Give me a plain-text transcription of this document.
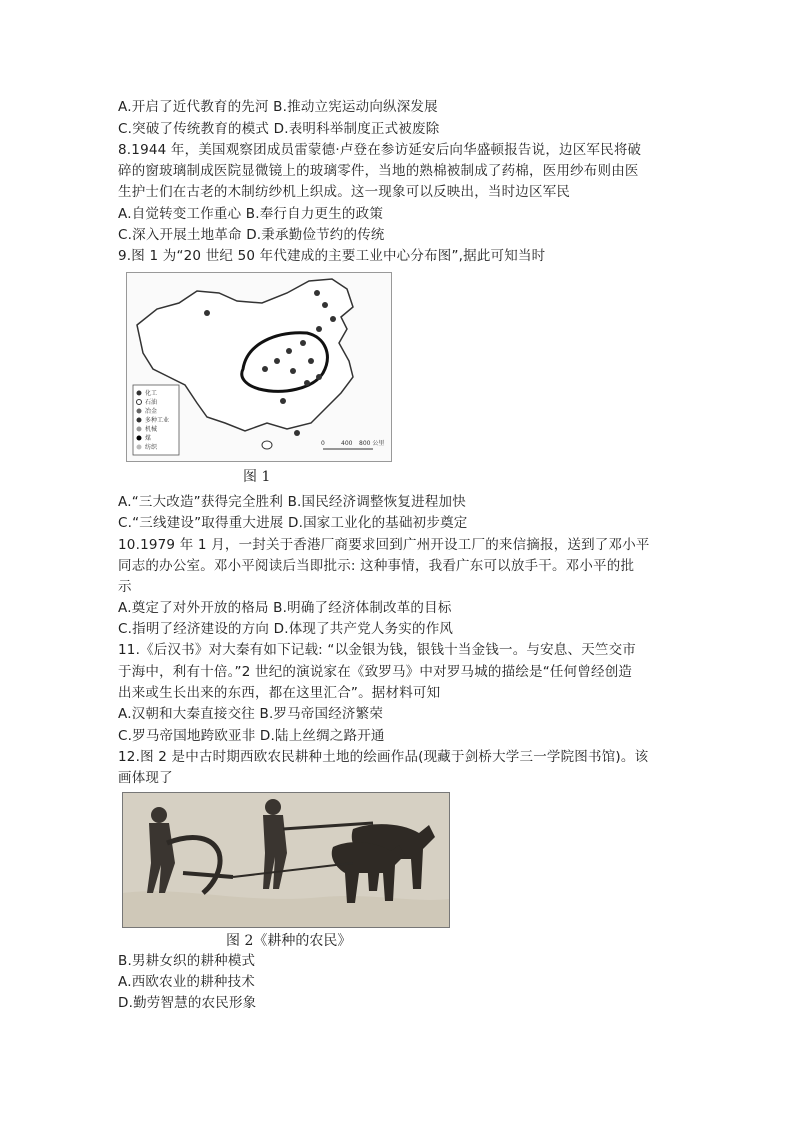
A.开启了近代教育的先河 B.推动立宪运动向纵深发展
C.突破了传统教育的模式 D.表明科举制度正式被废除
8.1944 年，美国观察团成员雷蒙德·卢登在参访延安后向华盛顿报告说，边区军民将破
碎的窗玻璃制成医院显微镜上的玻璃零件，当地的熟棉被制成了药棉，医用纱布则由医
生护士们在古老的木制纺纱机上织成。这一现象可以反映出，当时边区军民
A.自觉转变工作重心 B.奉行自力更生的政策
C.深入开展土地革命 D.秉承勤俭节约的传统
9.图 1 为“20 世纪 50 年代建成的主要工业中心分布图”,据此可知当时
化工
石油
冶金
多种工业
机械
煤
纺织
0	400 800 公里
图 1
A.“三大改造”获得完全胜利 B.国民经济调整恢复进程加快
C.“三线建设”取得重大进展 D.国家工业化的基础初步奠定
10.1979 年 1 月，一封关于香港厂商要求回到广州开设工厂的来信摘报，送到了邓小平
同志的办公室。邓小平阅读后当即批示: 这种事情，我看广东可以放手干。邓小平的批
示
A.奠定了对外开放的格局 B.明确了经济体制改革的目标
C.指明了经济建设的方向 D.体现了共产党人务实的作风
11.《后汉书》对大秦有如下记载: “以金银为钱，银钱十当金钱一。与安息、天竺交市
于海中，利有十倍。”2 世纪的演说家在《致罗马》中对罗马城的描绘是“任何曾经创造
出来或生长出来的东西，都在这里汇合”。据材料可知
A.汉朝和大秦直接交往 B.罗马帝国经济繁荣
C.罗马帝国地跨欧亚非 D.陆上丝绸之路开通
12.图 2 是中古时期西欧农民耕种土地的绘画作品(现藏于剑桥大学三一学院图书馆)。该
画体现了
图 2《耕种的农民》
B.男耕女织的耕种模式
A.西欧农业的耕种技术
D.勤劳智慧的农民形象
